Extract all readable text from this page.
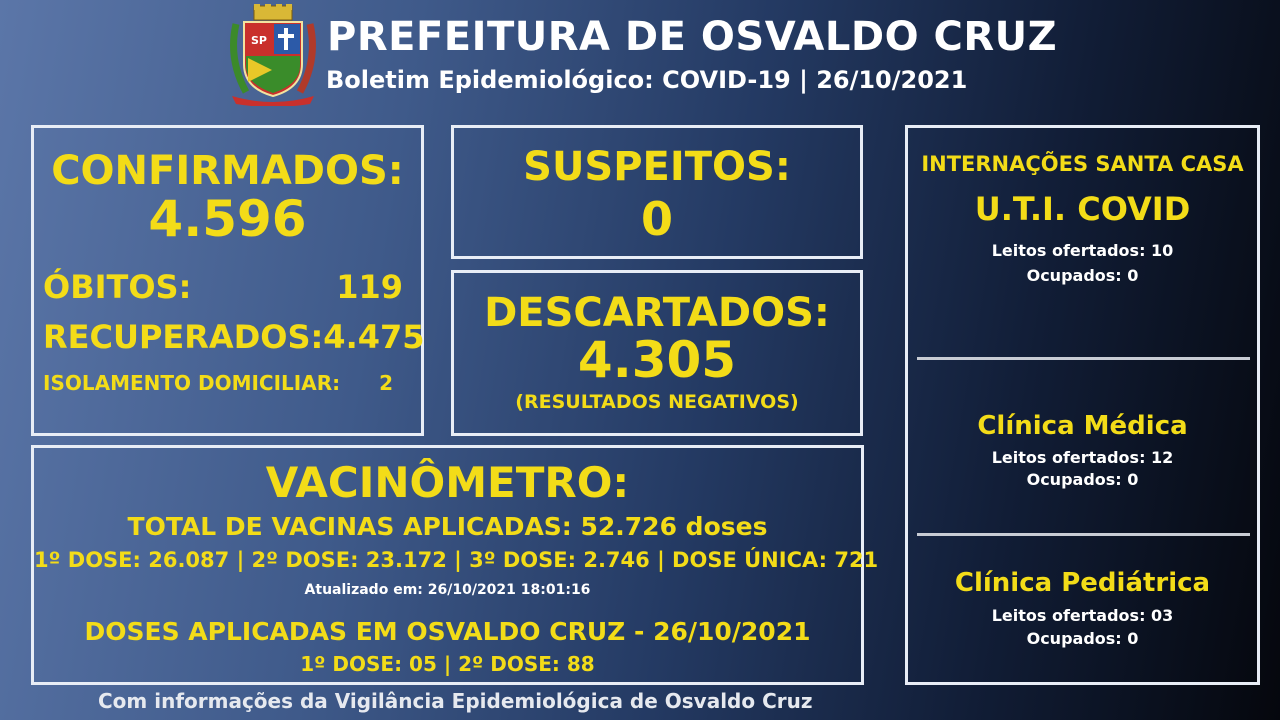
SP PREFEITURA DE OSVALDO CRUZ
Boletim Epidemiológico: COVID-19 | 26/10/2021
CONFIRMADOS:
4.596
ÓBITOS:	119
RECUPERADOS: 4.475
ISOLAMENTO DOMICILIAR: 2
SUSPEITOS:
0
DESCARTADOS:
4.305
(RESULTADOS NEGATIVOS)
VACINÔMETRO:
TOTAL DE VACINAS APLICADAS: 52.726 doses
1º DOSE: 26.087 | 2º DOSE: 23.172 | 3º DOSE: 2.746 | DOSE ÚNICA: 721
Atualizado em: 26/10/2021 18:01:16
DOSES APLICADAS EM OSVALDO CRUZ - 26/10/2021
1º DOSE: 05 | 2º DOSE: 88
INTERNAÇÕES SANTA CASA
U.T.I. COVID
Leitos ofertados: 10
Ocupados: 0
Clínica Médica
Leitos ofertados: 12
Ocupados: 0
Clínica Pediátrica
Leitos ofertados: 03
Ocupados: 0
Com informações da Vigilância Epidemiológica de Osvaldo Cruz
